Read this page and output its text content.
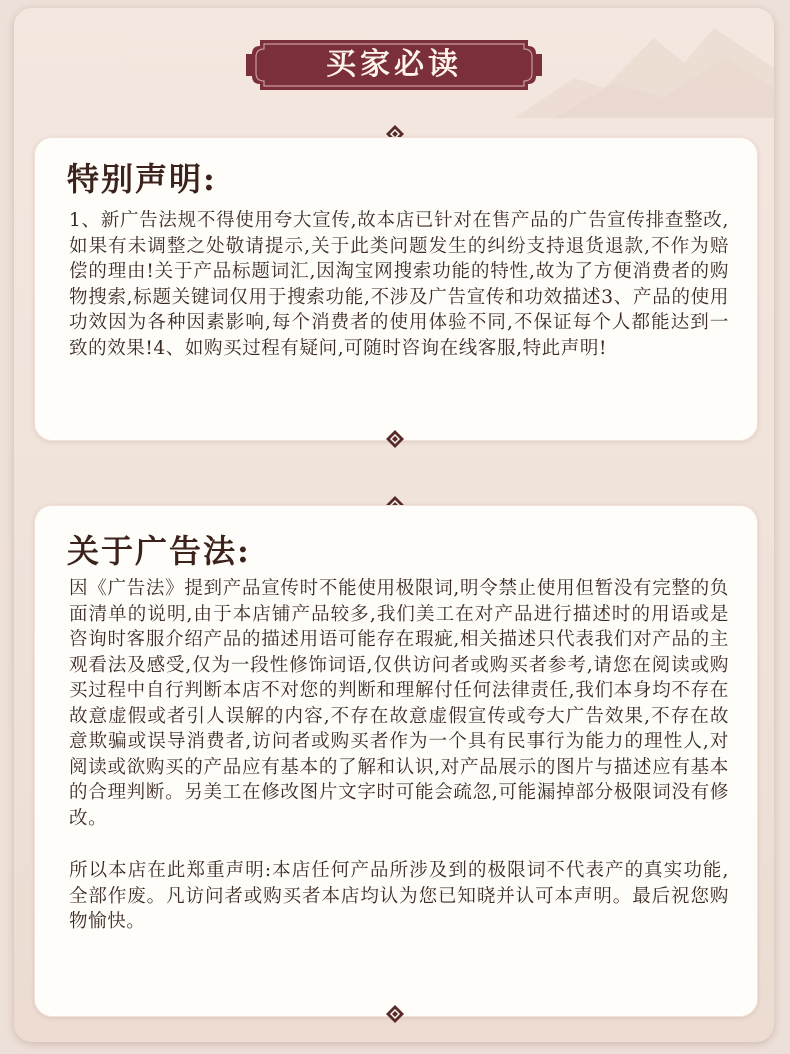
买家必读
特别声明:
1、新广告法规不得使用夸大宣传,故本店已针对在售产品的广告宣传排查整改,如果有未调整之处敬请提示,关于此类问题发生的纠纷支持退货退款,不作为赔偿的理由!关于产品标题词汇,因淘宝网搜索功能的特性,故为了方便消费者的购物搜索,标题关键词仅用于搜索功能,不涉及广告宣传和功效描述3、产品的使用功效因为各种因素影响,每个消费者的使用体验不同,不保证每个人都能达到一致的效果!4、如购买过程有疑问,可随时咨询在线客服,特此声明!
关于广告法:
因《广告法》提到产品宣传时不能使用极限词,明令禁止使用但暂没有完整的负面清单的说明,由于本店铺产品较多,我们美工在对产品进行描述时的用语或是咨询时客服介绍产品的描述用语可能存在瑕疵,相关描述只代表我们对产品的主观看法及感受,仅为一段性修饰词语,仅供访问者或购买者参考,请您在阅读或购买过程中自行判断本店不对您的判断和理解付任何法律责任,我们本身均不存在故意虚假或者引人误解的内容,不存在故意虚假宣传或夸大广告效果,不存在故意欺骗或误导消费者,访问者或购买者作为一个具有民事行为能力的理性人,对阅读或欲购买的产品应有基本的了解和认识,对产品展示的图片与描述应有基本的合理判断。另美工在修改图片文字时可能会疏忽,可能漏掉部分极限词没有修改。
所以本店在此郑重声明:本店任何产品所涉及到的极限词不代表产的真实功能,全部作废。凡访问者或购买者本店均认为您已知晓并认可本声明。最后祝您购物愉快。
